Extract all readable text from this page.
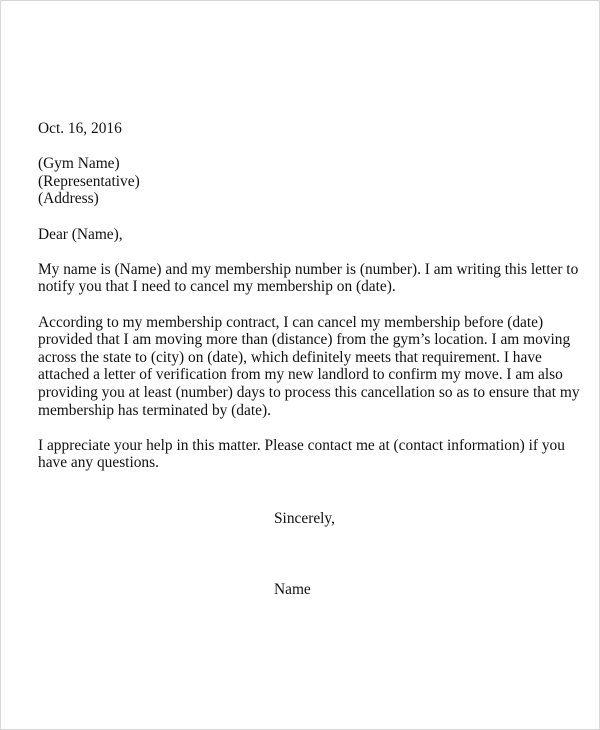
Oct. 16, 2016
(Gym Name)
(Representative)
(Address)
Dear (Name),
My name is (Name) and my membership number is (number). I am writing this letter to
notify you that I need to cancel my membership on (date).
According to my membership contract, I can cancel my membership before (date)
provided that I am moving more than (distance) from the gym’s location. I am moving
across the state to (city) on (date), which definitely meets that requirement. I have
attached a letter of verification from my new landlord to confirm my move. I am also
providing you at least (number) days to process this cancellation so as to ensure that my
membership has terminated by (date).
I appreciate your help in this matter. Please contact me at (contact information) if you
have any questions.
Sincerely,
Name
